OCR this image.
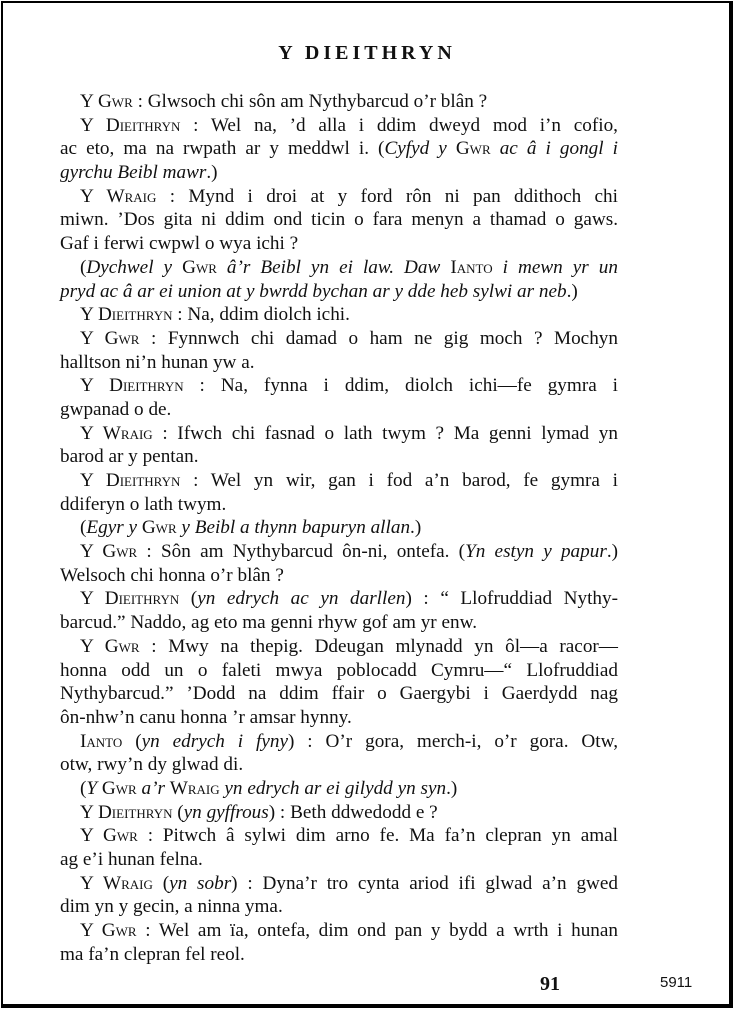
Y DIEITHRYN
Y Gwr : Glwsoch chi sôn am Nythybarcud o’r blân ?
Y Dieithryn : Wel na, ’d alla i ddim dweyd mod i’n cofio,
ac eto, ma na rwpath ar y meddwl i. (Cyfyd y Gwr ac â i gongl i
gyrchu Beibl mawr.)
Y Wraig : Mynd i droi at y ford rôn ni pan ddithoch chi
miwn. ’Dos gita ni ddim ond ticin o fara menyn a thamad o gaws.
Gaf i ferwi cwpwl o wya ichi ?
(Dychwel y Gwr â’r Beibl yn ei law. Daw Ianto i mewn yr un
pryd ac â ar ei union at y bwrdd bychan ar y dde heb sylwi ar neb.)
Y Dieithryn : Na, ddim diolch ichi.
Y Gwr : Fynnwch chi damad o ham ne gig moch ? Mochyn
halltson ni’n hunan yw a.
Y Dieithryn : Na, fynna i ddim, diolch ichi—fe gymra i
gwpanad o de.
Y Wraig : Ifwch chi fasnad o lath twym ? Ma genni lymad yn
barod ar y pentan.
Y Dieithryn : Wel yn wir, gan i fod a’n barod, fe gymra i
ddiferyn o lath twym.
(Egyr y Gwr y Beibl a thynn bapuryn allan.)
Y Gwr : Sôn am Nythybarcud ôn-ni, ontefa. (Yn estyn y papur.)
Welsoch chi honna o’r blân ?
Y Dieithryn (yn edrych ac yn darllen) : “ Llofruddiad Nythy-
barcud.” Naddo, ag eto ma genni rhyw gof am yr enw.
Y Gwr : Mwy na thepig. Ddeugan mlynadd yn ôl—a racor—
honna odd un o faleti mwya poblocadd Cymru—“ Llofruddiad
Nythybarcud.” ’Dodd na ddim ffair o Gaergybi i Gaerdydd nag
ôn-nhw’n canu honna ’r amsar hynny.
Ianto (yn edrych i fyny) : O’r gora, merch-i, o’r gora. Otw,
otw, rwy’n dy glwad di.
(Y Gwr a’r Wraig yn edrych ar ei gilydd yn syn.)
Y Dieithryn (yn gyffrous) : Beth ddwedodd e ?
Y Gwr : Pitwch â sylwi dim arno fe. Ma fa’n clepran yn amal
ag e’i hunan felna.
Y Wraig (yn sobr) : Dyna’r tro cynta ariod ifi glwad a’n gwed
dim yn y gecin, a ninna yma.
Y Gwr : Wel am ïa, ontefa, dim ond pan y bydd a wrth i hunan
ma fa’n clepran fel reol.
91	5911
